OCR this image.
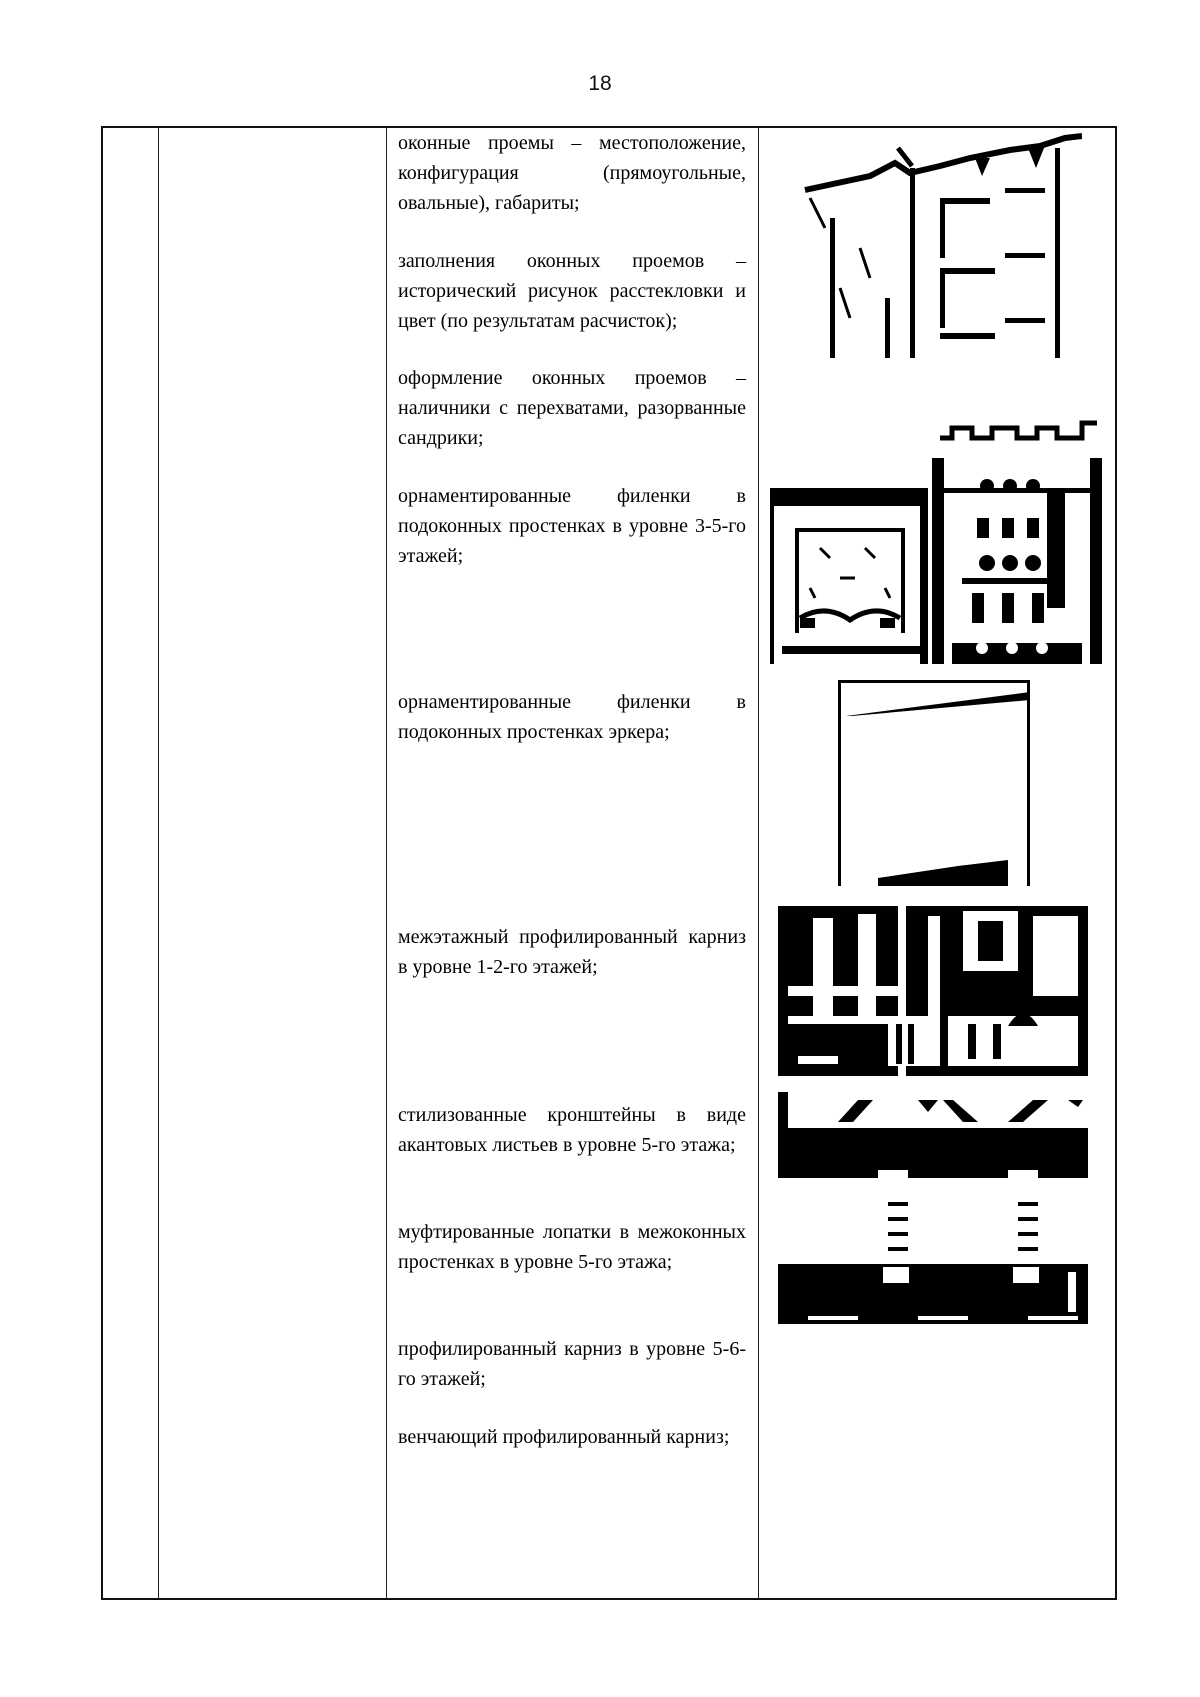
18
оконные проемы – местоположение, конфигурация (прямоугольные, овальные), габариты;
заполнения оконных проемов – исторический рисунок расстекловки и цвет (по результатам расчисток);
оформление оконных проемов – наличники с перехватами, разорванные сандрики;
орнаментированные филенки в подоконных простенках в уровне 3-5-го этажей;
орнаментированные филенки в подоконных простенках эркера;
межэтажный профилированный карниз в уровне 1-2-го этажей;
стилизованные кронштейны в виде акантовых листьев в уровне 5-го этажа;
муфтированные лопатки в межоконных простенках в уровне 5-го этажа;
профилированный карниз в уровне 5-6-го этажей;
венчающий профилированный карниз;
